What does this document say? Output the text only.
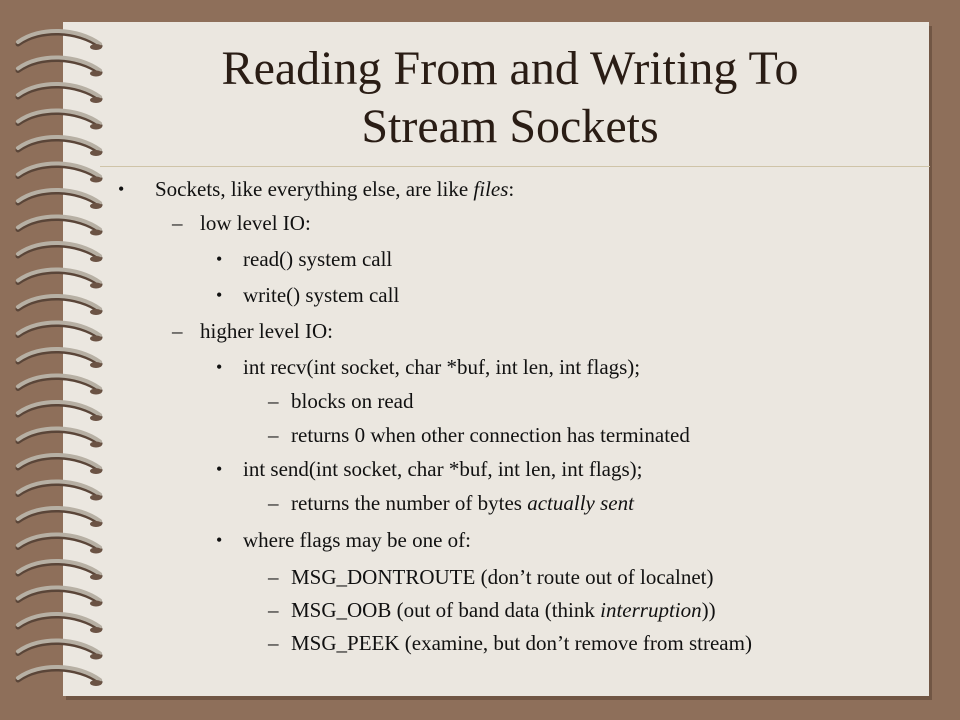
Reading From and Writing To
Stream Sockets
• Sockets, like everything else, are like files:
– low level IO:
• read() system call
• write() system call
– higher level IO:
• int recv(int socket, char *buf, int len, int flags);
– blocks on read
– returns 0 when other connection has terminated
• int send(int socket, char *buf, int len, int flags);
– returns the number of bytes actually sent
• where flags may be one of:
– MSG_DONTROUTE (don’t route out of localnet)
– MSG_OOB (out of band data (think interruption))
– MSG_PEEK (examine, but don’t remove from stream)
